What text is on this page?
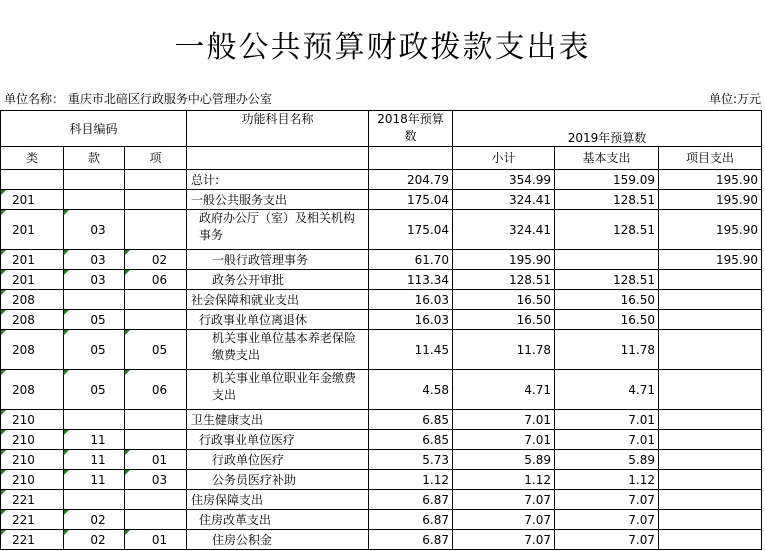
一般公共预算财政拨款支出表
单位名称： 重庆市北碚区行政服务中心管理办公室	单位:万元
科目编码			功能科目名称	2018年预算数	2019年预算数		
类	款	项			小计	基本支出	项目支出
			总计:	204.79	354.99	159.09	195.90
201			一般公共服务支出	175.04	324.41	128.51	195.90
201	03		政府办公厅（室）及相关机构事务	175.04	324.41	128.51	195.90
201	03	02	一般行政管理事务	61.70	195.90		195.90
201	03	06	政务公开审批	113.34	128.51	128.51	
208			社会保障和就业支出	16.03	16.50	16.50	
208	05		行政事业单位离退休	16.03	16.50	16.50	
208	05	05	机关事业单位基本养老保险缴费支出	11.45	11.78	11.78	
208	05	06	机关事业单位职业年金缴费支出	4.58	4.71	4.71	
210			卫生健康支出	6.85	7.01	7.01	
210	11		行政事业单位医疗	6.85	7.01	7.01	
210	11	01	行政单位医疗	5.73	5.89	5.89	
210	11	03	公务员医疗补助	1.12	1.12	1.12	
221			住房保障支出	6.87	7.07	7.07	
221	02		住房改革支出	6.87	7.07	7.07	
221	02	01	住房公积金	6.87	7.07	7.07	
